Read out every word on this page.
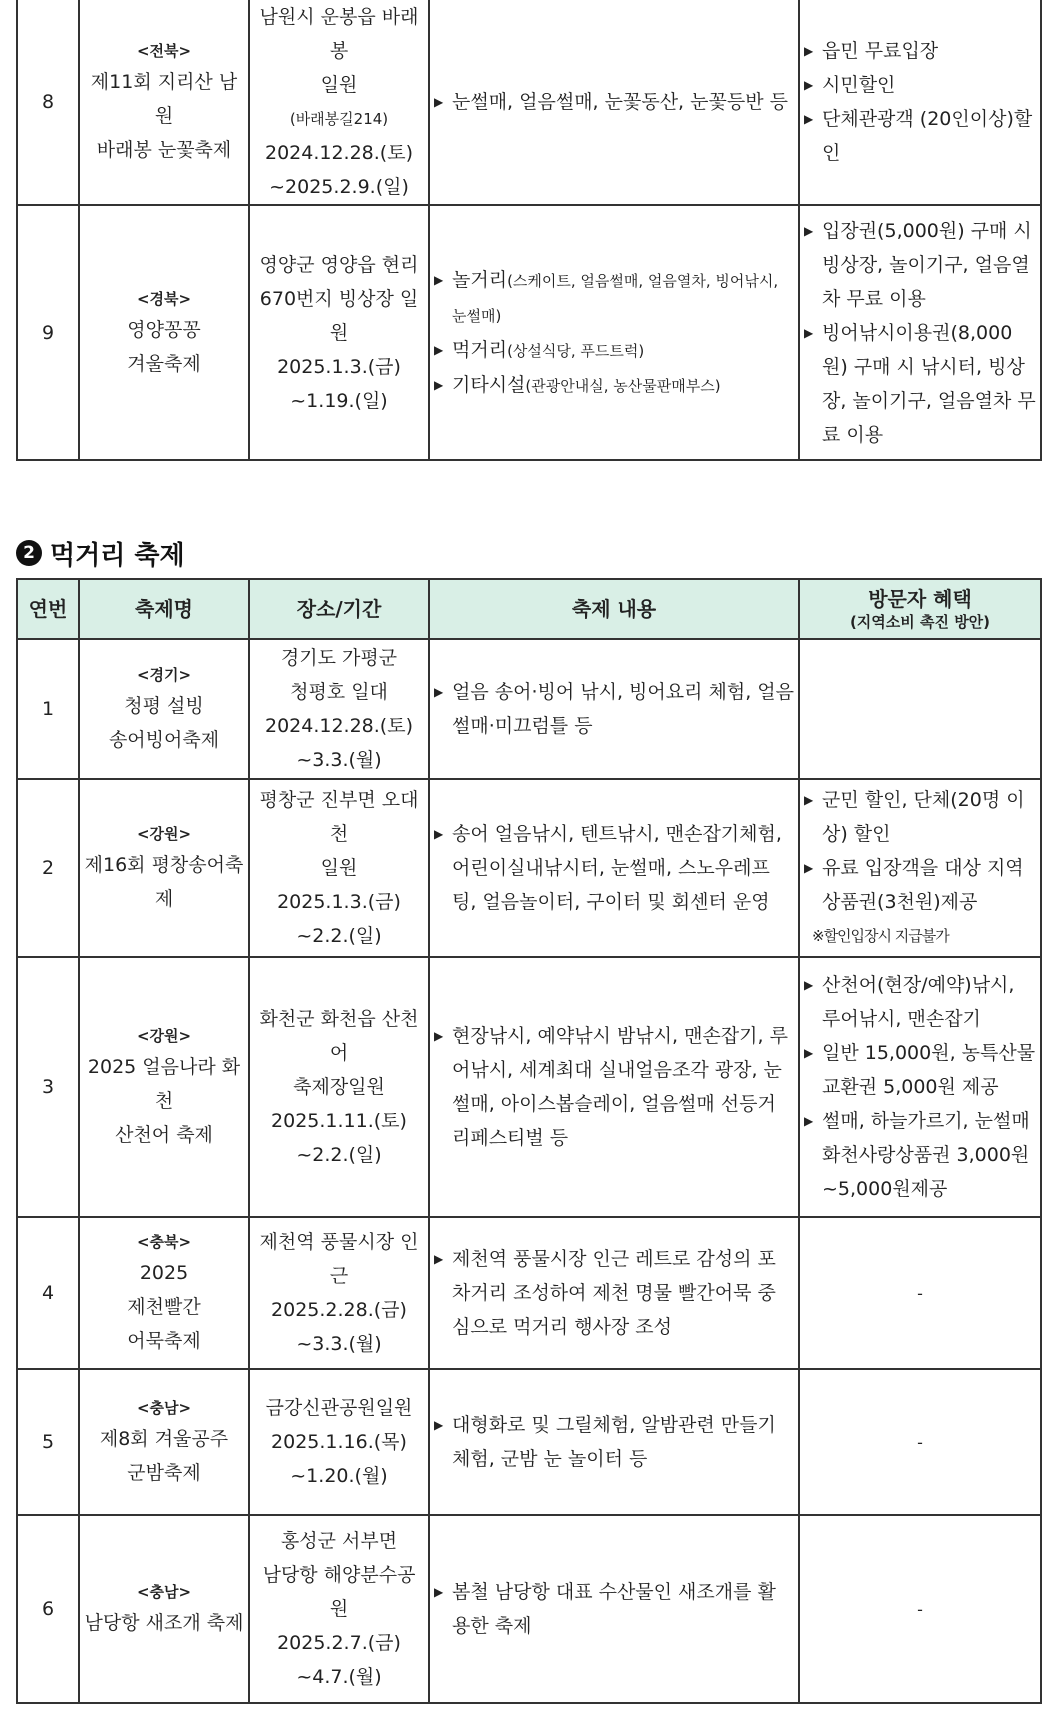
8	<전북>
제11회 지리산 남원
바래봉 눈꽃축제	남원시 운봉읍 바래봉
일원
(바래봉길214)
2024.12.28.(토)
~2025.2.9.(일)	▶ 눈썰매, 얼음썰매, 눈꽃동산, 눈꽃등반 등	▶ 읍민 무료입장
▶ 시민할인
▶ 단체관광객 (20인이상)할인

9	<경북>
영양꽁꽁
겨울축제	영양군 영양읍 현리
670번지 빙상장 일원
2025.1.3.(금)
~1.19.(일)	▶ 놀거리(스케이트, 얼음썰매, 얼음열차, 빙어낚시, 눈썰매)
▶ 먹거리(상설식당, 푸드트럭)
▶ 기타시설(관광안내실, 농산물판매부스)	▶ 입장권(5,000원) 구매 시 빙상장, 놀이기구, 얼음열차 무료 이용
▶ 빙어낚시이용권(8,000원) 구매 시 낚시터, 빙상장, 놀이기구, 얼음열차 무료 이용
2 먹거리 축제
연번	축제명	장소/기간	축제 내용	방문자 혜택
(지역소비 촉진 방안)

1	<경기>
청평 설빙
송어빙어축제	경기도 가평군
청평호 일대
2024.12.28.(토)
~3.3.(월)	▶ 얼음 송어·빙어 낚시, 빙어요리 체험, 얼음 썰매·미끄럼틀 등

2	<강원>
제16회 평창송어축
제	평창군 진부면 오대천
일원
2025.1.3.(금)
~2.2.(일)	▶ 송어 얼음낚시, 텐트낚시, 맨손잡기체험, 어린이실내낚시터, 눈썰매, 스노우레프팅, 얼음놀이터, 구이터 및 회센터 운영	▶ 군민 할인, 단체(20명 이상) 할인
▶ 유료 입장객을 대상 지역상품권(3천원)제공
※할인입장시 지급불가

3	<강원>
2025 얼음나라 화천
산천어 축제	화천군 화천읍 산천어
축제장일원
2025.1.11.(토)
~2.2.(일)	▶ 현장낚시, 예약낚시 밤낚시, 맨손잡기, 루어낚시, 세계최대 실내얼음조각 광장, 눈썰매, 아이스봅슬레이, 얼음썰매 선등거리페스티벌 등	▶ 산천어(현장/예약)낚시, 루어낚시, 맨손잡기
▶ 일반 15,000원, 농특산물 교환권 5,000원 제공
▶ 썰매, 하늘가르기, 눈썰매 화천사랑상품권 3,000원~5,000원제공

4	<충북>
2025
제천빨간
어묵축제	제천역 풍물시장 인근
2025.2.28.(금)
~3.3.(월)	▶ 제천역 풍물시장 인근 레트로 감성의 포차거리 조성하여 제천 명물 빨간어묵 중심으로 먹거리 행사장 조성	-
5	<충남>
제8회 겨울공주
군밤축제	금강신관공원일원
2025.1.16.(목)
~1.20.(월)	▶ 대형화로 및 그릴체험, 알밤관련 만들기 체험, 군밤 눈 놀이터 등	-
6	<충남>
남당항 새조개 축제	홍성군 서부면
남당항 해양분수공원
2025.2.7.(금)
~4.7.(월)	▶ 봄철 남당항 대표 수산물인 새조개를 활용한 축제	-
